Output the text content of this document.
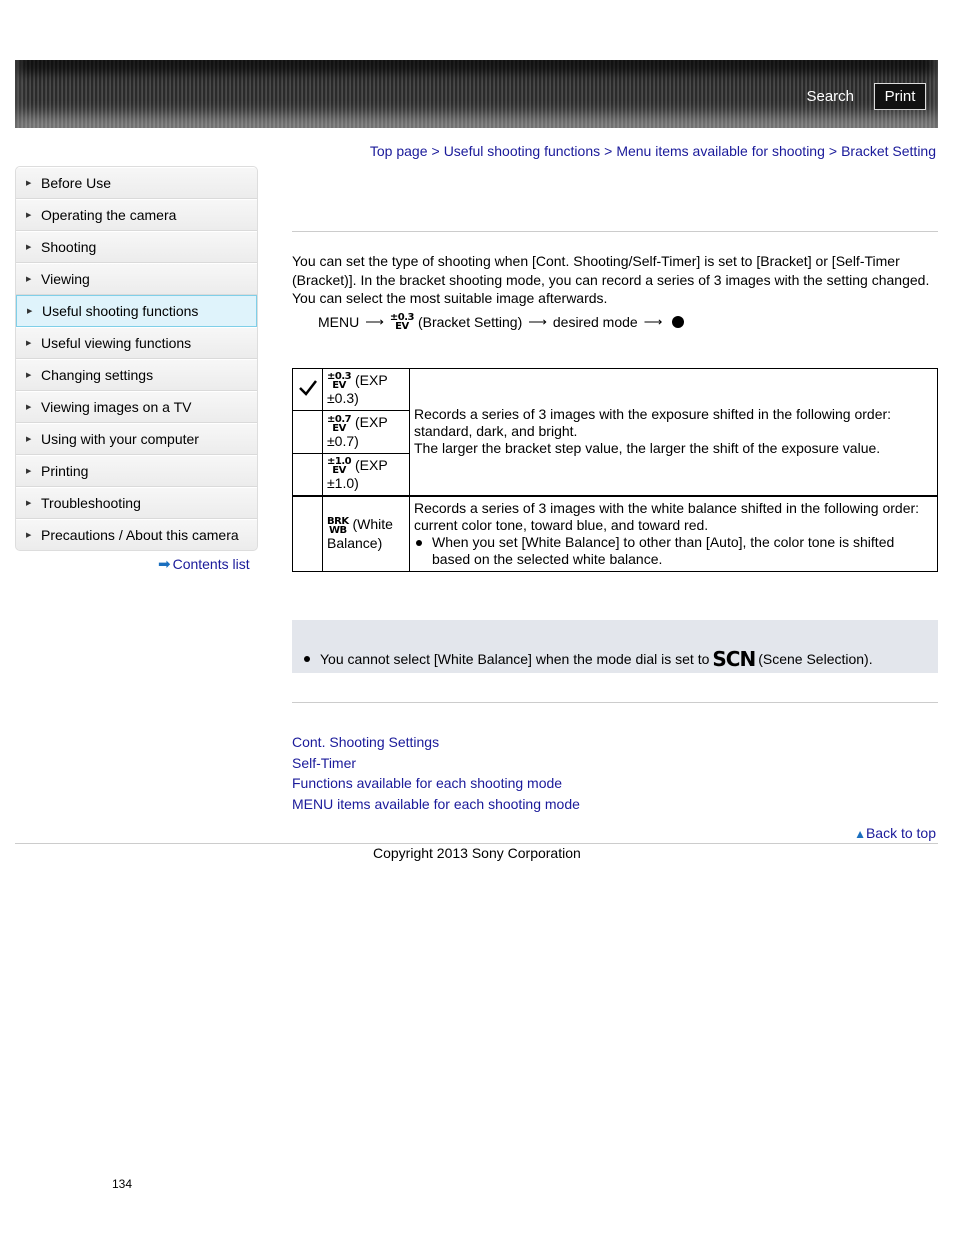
Search	Print
Top page > Useful shooting functions > Menu items available for shooting > Bracket Setting
▶ Before Use
▶ Operating the camera
▶ Shooting
▶ Viewing
▶ Useful shooting functions
▶ Useful viewing functions
▶ Changing settings
▶ Viewing images on a TV
▶ Using with your computer
▶ Printing
▶ Troubleshooting
▶ Precautions / About this camera
➡ Contents list
You can set the type of shooting when [Cont. Shooting/Self-Timer] is set to [Bracket] or [Self-Timer (Bracket)]. In the bracket shooting mode, you can record a series of 3 images with the setting changed. You can select the most suitable image afterwards.
MENU ⟶ ±0.3
EV (Bracket Setting) ⟶ desired mode ⟶
	±0.3
EV (EXP ±0.3)	Records a series of 3 images with the exposure shifted in the following order: standard, dark, and bright.
The larger the bracket step value, the larger the shift of the exposure value.
	±0.7
EV (EXP ±0.7)	
	±1.0
EV (EXP ±1.0)	
	BRK
WB (White Balance)	Records a series of 3 images with the white balance shifted in the following order: current color tone, toward blue, and toward red.
When you set [White Balance] to other than [Auto], the color tone is shifted based on the selected white balance.
You cannot select [White Balance] when the mode dial is set to SCN (Scene Selection).
Cont. Shooting Settings
Self-Timer
Functions available for each shooting mode
MENU items available for each shooting mode
▲Back to top
Copyright 2013 Sony Corporation
134
